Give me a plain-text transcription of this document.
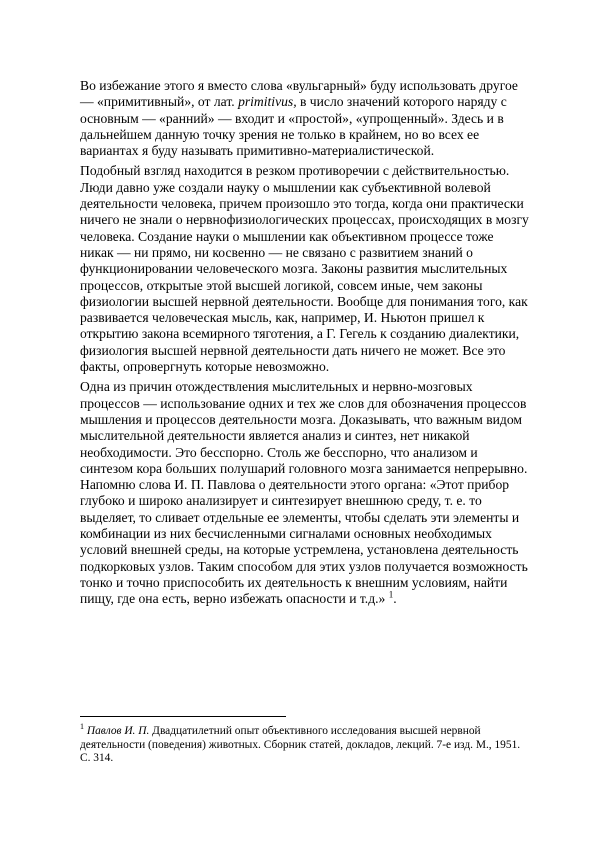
Во избежание этого я вместо слова «вульгарный» буду использовать другое — «примитивный», от лат. primitivus, в число значений которого наряду с основным — «ранний» — входит и «простой», «упрощенный». Здесь и в дальнейшем данную точку зрения не только в крайнем, но во всех ее вариантах я буду называть примитивно-материалистической.

Подобный взгляд находится в резком противоречии с действительностью. Люди давно уже создали науку о мышлении как субъективной волевой деятельности человека, причем произошло это тогда, когда они практически ничего не знали о нервнофизиологических процессах, происходящих в мозгу человека. Создание науки о мышлении как объективном процессе тоже никак — ни прямо, ни косвенно — не связано с развитием знаний о функционировании человеческого мозга. Законы развития мыслительных процессов, открытые этой высшей логикой, совсем иные, чем законы физиологии высшей нервной деятельности. Вообще для понимания того, как развивается человеческая мысль, как, например, И. Ньютон пришел к открытию закона всемирного тяготения, а Г. Гегель к созданию диалектики, физиология высшей нервной деятельности дать ничего не может. Все это факты, опровергнуть которые невозможно.

Одна из причин отождествления мыслительных и нервно-мозговых процессов — использование одних и тех же слов для обозначения процессов мышления и процессов деятельности мозга. Доказывать, что важным видом мыслительной деятельности является анализ и синтез, нет никакой необходимости. Это бесспорно. Столь же бесспорно, что анализом и синтезом кора больших полушарий головного мозга занимается непрерывно. Напомню слова И. П. Павлова о деятельности этого органа: «Этот прибор глубоко и широко анализирует и синтезирует внешнюю среду, т. е. то выделяет, то сливает отдельные ее элементы, чтобы сделать эти элементы и комбинации из них бесчисленными сигналами основных необходимых условий внешней среды, на которые устремлена, установлена деятельность подкорковых узлов. Таким способом для этих узлов получается возможность тонко и точно приспособить их деятельность к внешним условиям, найти пищу, где она есть, верно избежать опасности и т.д.» $^1$.

$^1$ Павлов И. П. Двадцатилетний опыт объективного исследования высшей нервной деятельности (поведения) животных. Сборник статей, докладов, лекций. 7-е изд. М., 1951. С. 314.
